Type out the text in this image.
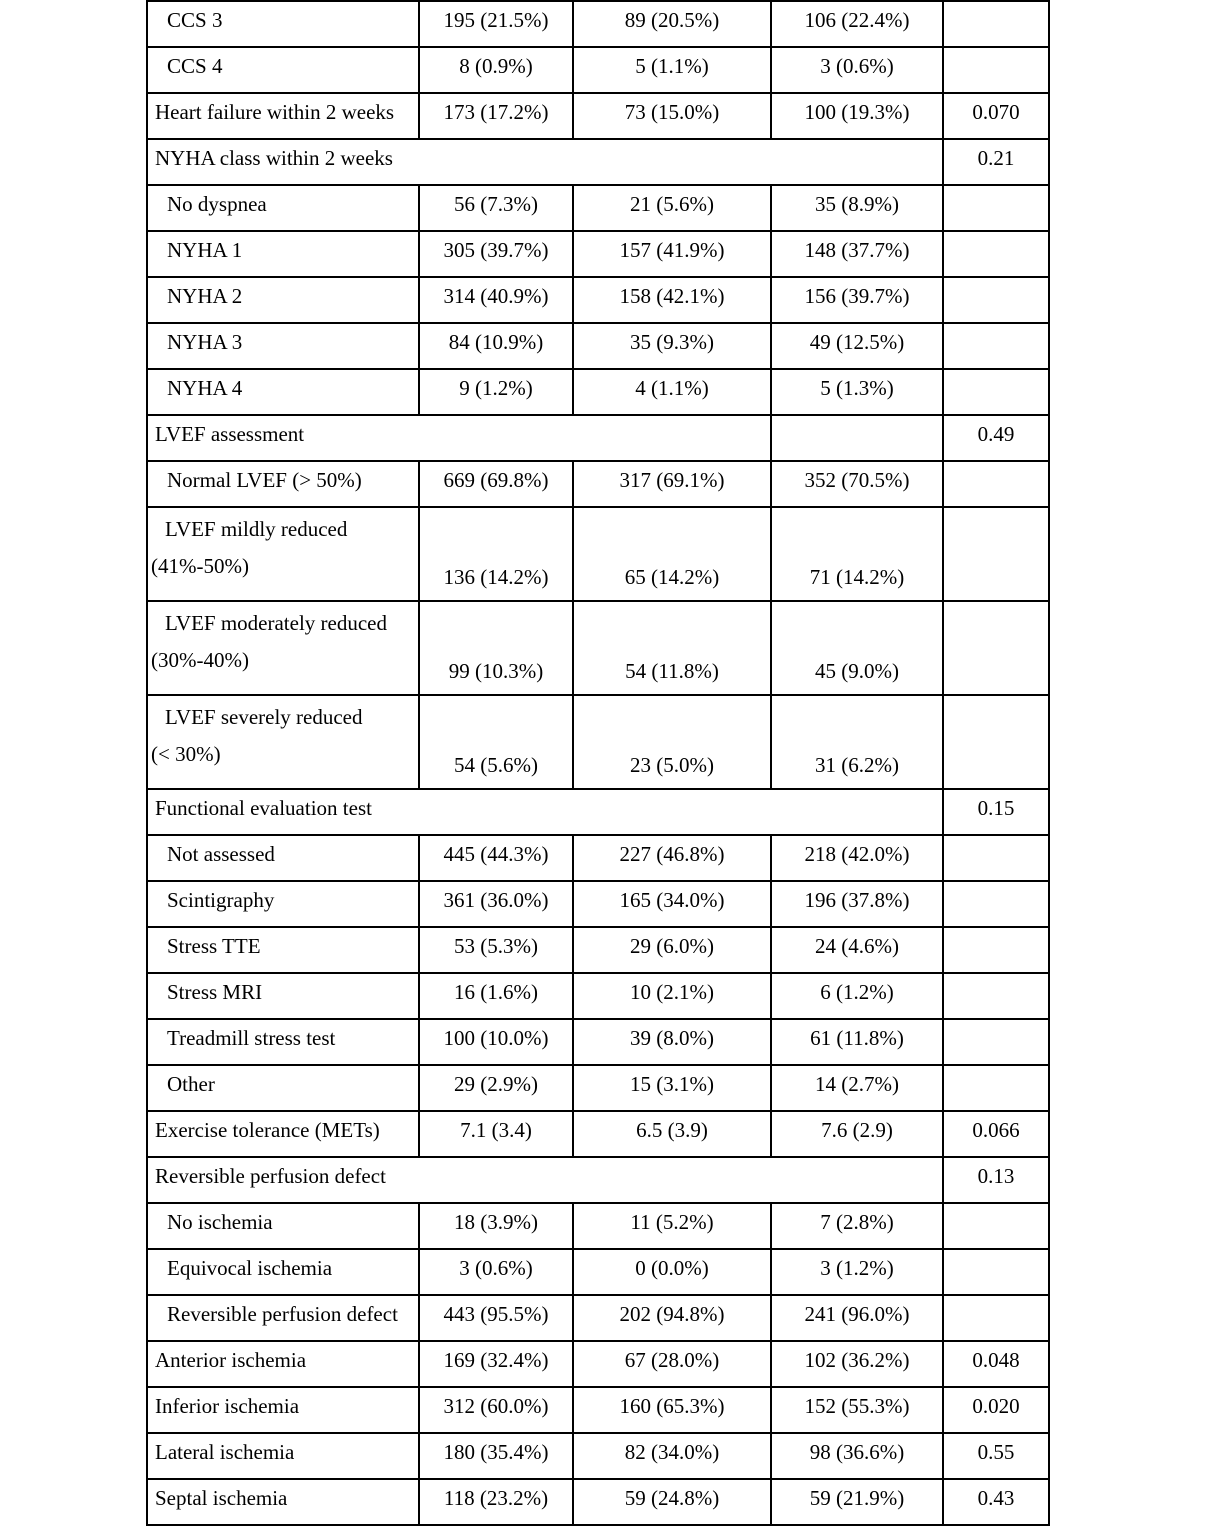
CCS 3	195 (21.5%)	89 (20.5%)	106 (22.4%)	
CCS 4	8 (0.9%)	5 (1.1%)	3 (0.6%)	
Heart failure within 2 weeks	173 (17.2%)	73 (15.0%)	100 (19.3%)	0.070
NYHA class within 2 weeks				0.21
No dyspnea	56 (7.3%)	21 (5.6%)	35 (8.9%)	
NYHA 1	305 (39.7%)	157 (41.9%)	148 (37.7%)	
NYHA 2	314 (40.9%)	158 (42.1%)	156 (39.7%)	
NYHA 3	84 (10.9%)	35 (9.3%)	49 (12.5%)	
NYHA 4	9 (1.2%)	4 (1.1%)	5 (1.3%)	
LVEF assessment				0.49
Normal LVEF (> 50%)	669 (69.8%)	317 (69.1%)	352 (70.5%)	

LVEF mildly reduced
(41%-50%)	136 (14.2%)	65 (14.2%)	71 (14.2%)	

LVEF moderately reduced
(30%-40%)	99 (10.3%)	54 (11.8%)	45 (9.0%)	

LVEF severely reduced
(< 30%)	54 (5.6%)	23 (5.0%)	31 (6.2%)	
Functional evaluation test				0.15
Not assessed	445 (44.3%)	227 (46.8%)	218 (42.0%)	
Scintigraphy	361 (36.0%)	165 (34.0%)	196 (37.8%)	
Stress TTE	53 (5.3%)	29 (6.0%)	24 (4.6%)	
Stress MRI	16 (1.6%)	10 (2.1%)	6 (1.2%)	
Treadmill stress test	100 (10.0%)	39 (8.0%)	61 (11.8%)	
Other	29 (2.9%)	15 (3.1%)	14 (2.7%)	
Exercise tolerance (METs)	7.1 (3.4)	6.5 (3.9)	7.6 (2.9)	0.066
Reversible perfusion defect				0.13
No ischemia	18 (3.9%)	11 (5.2%)	7 (2.8%)	
Equivocal ischemia	3 (0.6%)	0 (0.0%)	3 (1.2%)	
Reversible perfusion defect	443 (95.5%)	202 (94.8%)	241 (96.0%)	
Anterior ischemia	169 (32.4%)	67 (28.0%)	102 (36.2%)	0.048
Inferior ischemia	312 (60.0%)	160 (65.3%)	152 (55.3%)	0.020
Lateral ischemia	180 (35.4%)	82 (34.0%)	98 (36.6%)	0.55
Septal ischemia	118 (23.2%)	59 (24.8%)	59 (21.9%)	0.43
